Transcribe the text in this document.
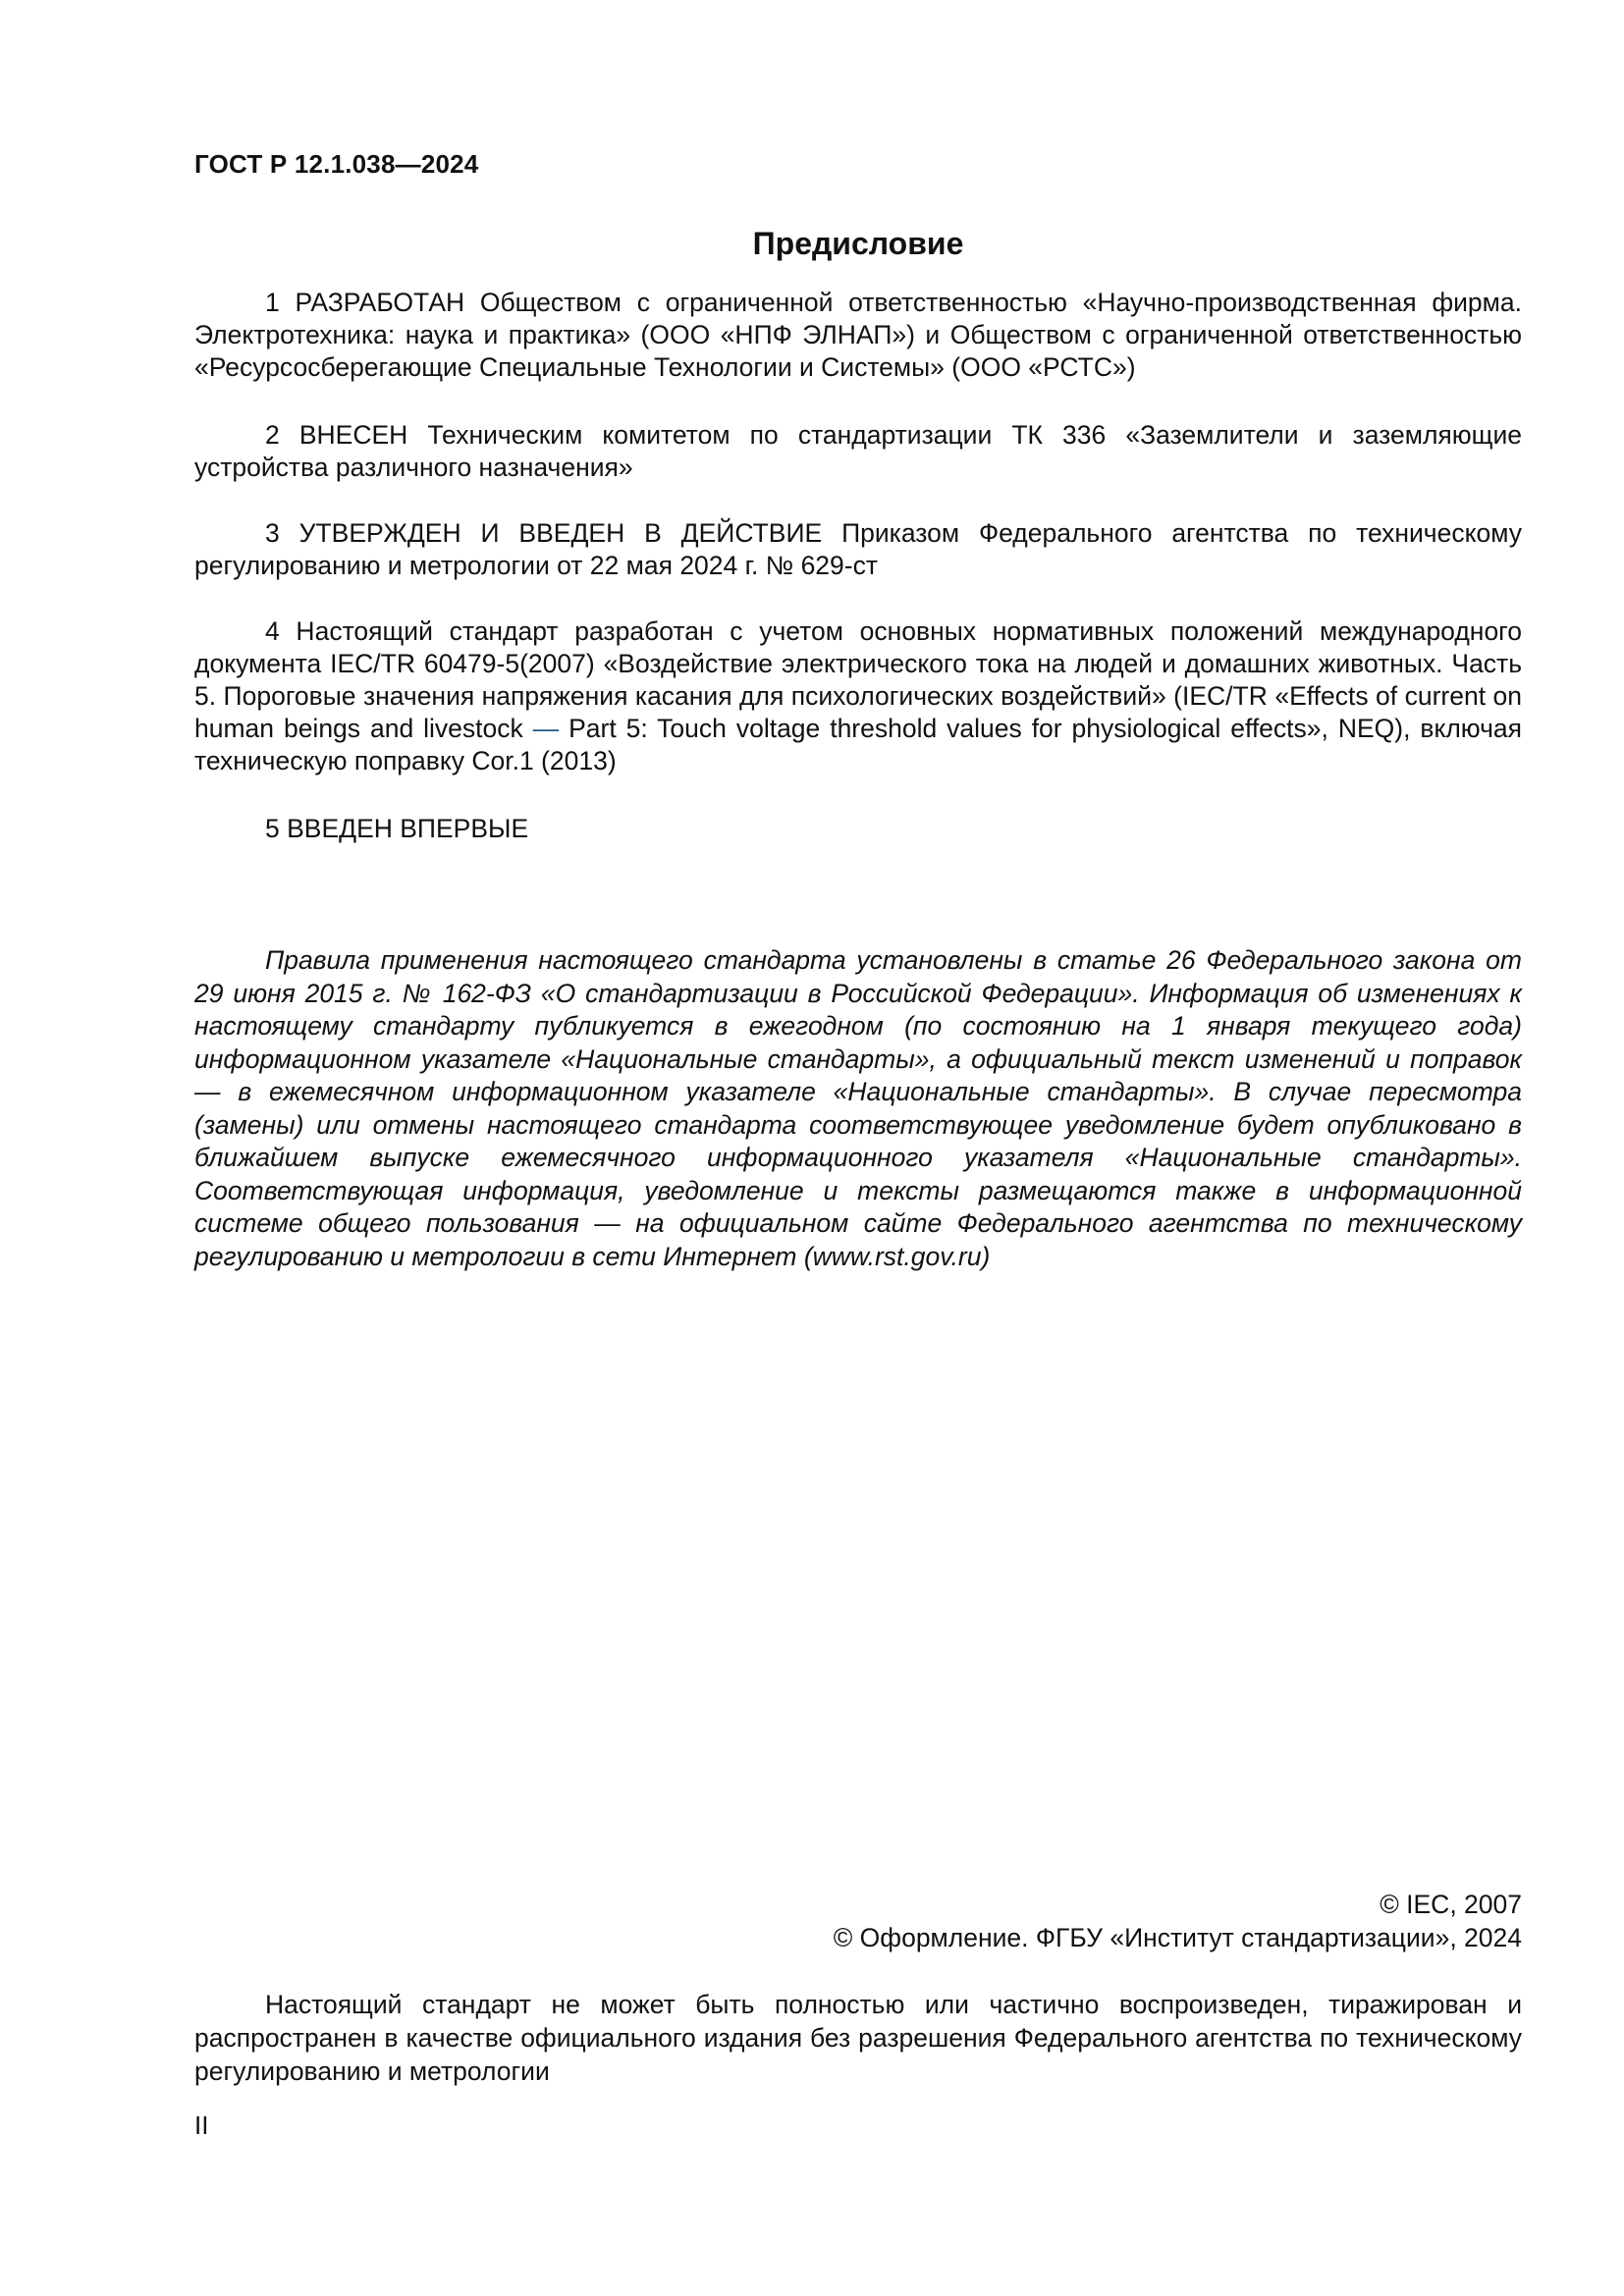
ГОСТ Р 12.1.038—2024
Предисловие

1 РАЗРАБОТАН Обществом с ограниченной ответственностью «Научно-производственная фирма. Электротехника: наука и практика» (ООО «НПФ ЭЛНАП») и Обществом с ограниченной ответственностью «Ресурсосберегающие Специальные Технологии и Системы» (ООО «РСТС»)

2 ВНЕСЕН Техническим комитетом по стандартизации ТК 336 «Заземлители и заземляющие устройства различного назначения»

3 УТВЕРЖДЕН И ВВЕДЕН В ДЕЙСТВИЕ Приказом Федерального агентства по техническому регулированию и метрологии от 22 мая 2024 г. № 629-ст

4 Настоящий стандарт разработан с учетом основных нормативных положений международного документа IEC/TR 60479-5(2007) «Воздействие электрического тока на людей и домашних животных. Часть 5. Пороговые значения напряжения касания для психологических воздействий» (IEC/TR «Effects of current on human beings and livestock — Part 5: Touch voltage threshold values for physiological effects», NEQ), включая техническую поправку Cor.1 (2013)

5 ВВЕДЕН ВПЕРВЫЕ

Правила применения настоящего стандарта установлены в статье 26 Федерального закона от 29 июня 2015 г. № 162-ФЗ «О стандартизации в Российской Федерации». Информация об изменениях к настоящему стандарту публикуется в ежегодном (по состоянию на 1 января текущего года) информационном указателе «Национальные стандарты», а официальный текст изменений и поправок — в ежемесячном информационном указателе «Национальные стандарты». В случае пересмотра (замены) или отмены настоящего стандарта соответствующее уведомление будет опубликовано в ближайшем выпуске ежемесячного информационного указателя «Национальные стандарты». Соответствующая информация, уведомление и тексты размещаются также в информационной системе общего пользования — на официальном сайте Федерального агентства по техническому регулированию и метрологии в сети Интернет (www.rst.gov.ru)

© IEC, 2007
© Оформление. ФГБУ «Институт стандартизации», 2024

Настоящий стандарт не может быть полностью или частично воспроизведен, тиражирован и распространен в качестве официального издания без разрешения Федерального агентства по техническому регулированию и метрологии

II
